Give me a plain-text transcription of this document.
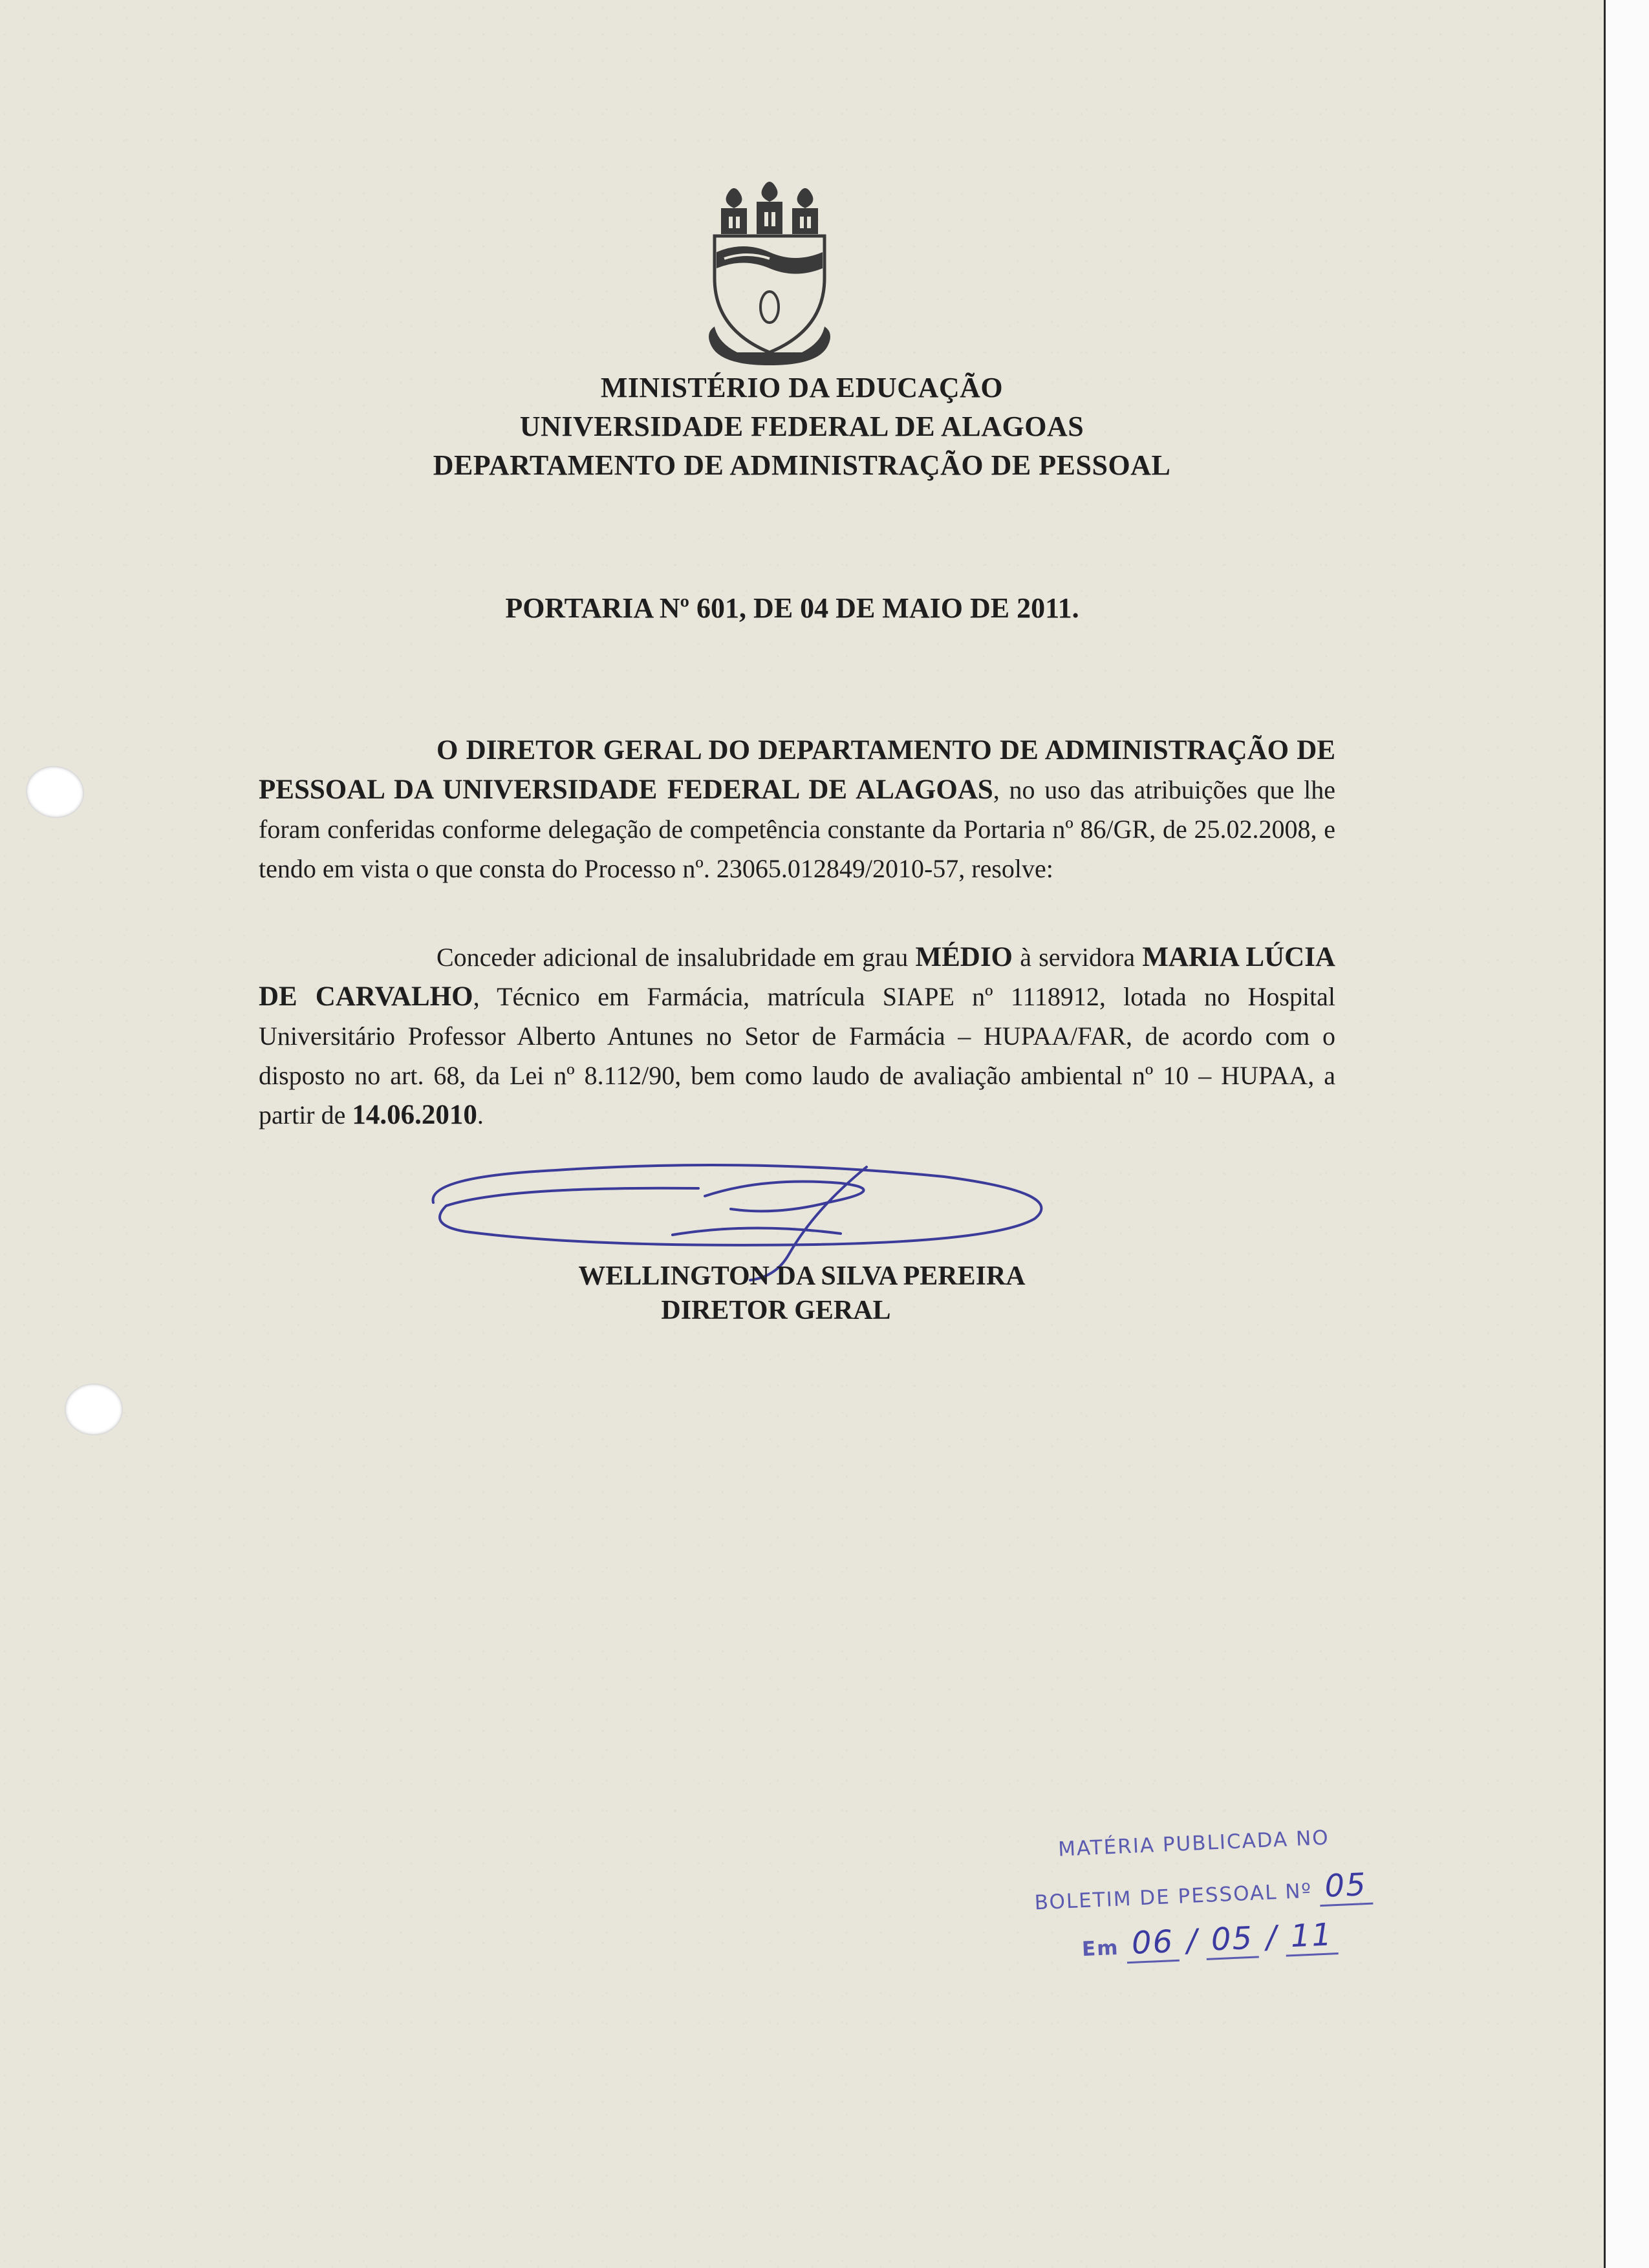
MINISTÉRIO DA EDUCAÇÃO
UNIVERSIDADE FEDERAL DE ALAGOAS
DEPARTAMENTO DE ADMINISTRAÇÃO DE PESSOAL
PORTARIA Nº 601, DE 04 DE MAIO DE 2011.
O DIRETOR GERAL DO DEPARTAMENTO DE ADMINISTRAÇÃO DE PESSOAL DA UNIVERSIDADE FEDERAL DE ALAGOAS, no uso das atribuições que lhe foram conferidas conforme delegação de competência constante da Portaria nº 86/GR, de 25.02.2008, e tendo em vista o que consta do Processo nº. 23065.012849/2010-57, resolve:
Conceder adicional de insalubridade em grau MÉDIO à servidora MARIA LÚCIA DE CARVALHO, Técnico em Farmácia, matrícula SIAPE nº 1118912, lotada no Hospital Universitário Professor Alberto Antunes no Setor de Farmácia – HUPAA/FAR, de acordo com o disposto no art. 68, da Lei nº 8.112/90, bem como laudo de avaliação ambiental nº 10 – HUPAA, a partir de 14.06.2010.
WELLINGTON DA SILVA PEREIRA
DIRETOR GERAL
MATÉRIA PUBLICADA NO
BOLETIM DE PESSOAL Nº 05
Em 06 / 05 / 11
